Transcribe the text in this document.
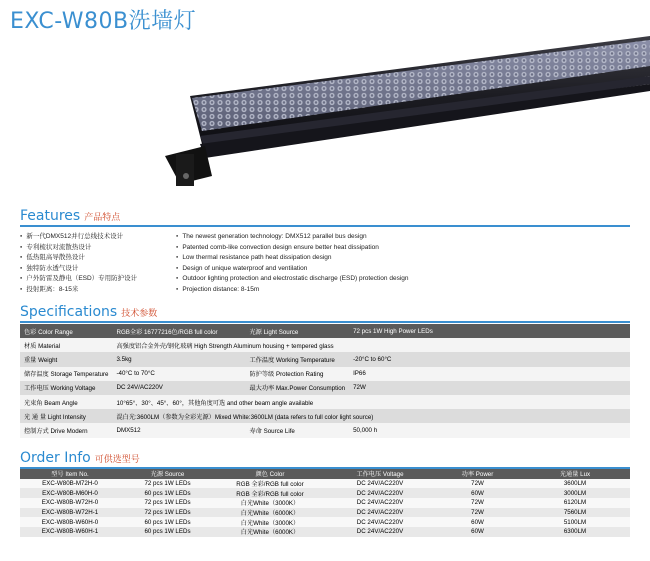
EXC-W80B洗墙灯
Features 产品特点
▪ 新一代DMX512并行总线技术设计
▪ 专利梳状对流散热设计
▪ 低热阻高导散热设计
▪ 独特防水透气设计
▪ 户外防雷及静电（ESD）专用防护设计
▪ 投射距离：8-15米
▪ The newest generation technology: DMX512 parallel bus design
▪ Patented comb-like convection design ensure better heat dissipation
▪ Low thermal resistance path heat dissipation design
▪ Design of unique waterproof and ventilation
▪ Outdoor lighting protection and electrostatic discharge (ESD) protection design
▪ Projection distance: 8-15m
Specifications 技术参数
色彩 Color Range	RGB全彩 16777216色/RGB full color	光源 Light Source	72 pcs 1W High Power LEDs
材质 Material	高强度铝合金外壳/钢化玻璃 High Strength Aluminum housing + tempered glass		
重量 Weight	3.5kg	工作温度 Working Temperature	-20°C to 60°C
储存温度 Storage Temperature	-40°C to 70°C	防护等级 Protection Rating	IP66
工作电压 Working Voltage	DC 24V/AC220V	最大功率 Max.Power Consumption	72W
光束角 Beam Angle	10°65°、30°、45°、60°，其他角度可选 and other beam angle available		
光 通 量 Light Intensity	混白光:3600LM（参数为全彩光源）Mixed White:3600LM (data refers to full color light source)		
控制方式 Drive Modern	DMX512	寿命 Source Life	50,000 h
Order Info 可供选型号
型号 Item No.	光源 Source	颜色 Color	工作电压 Voltage	功率 Power	光通量 Lux
EXC-W80B-M72H-0	72 pcs 1W LEDs	RGB 全彩/RGB full color	DC 24V/AC220V	72W	3600LM
EXC-W80B-M60H-0	60 pcs 1W LEDs	RGB 全彩/RGB full color	DC 24V/AC220V	60W	3000LM
EXC-W80B-W72H-0	72 pcs 1W LEDs	白光White（3000K）	DC 24V/AC220V	72W	6120LM
EXC-W80B-W72H-1	72 pcs 1W LEDs	白光White（6000K）	DC 24V/AC220V	72W	7560LM
EXC-W80B-W60H-0	60 pcs 1W LEDs	白光White（3000K）	DC 24V/AC220V	60W	5100LM
EXC-W80B-W60H-1	60 pcs 1W LEDs	白光White（6000K）	DC 24V/AC220V	60W	6300LM
